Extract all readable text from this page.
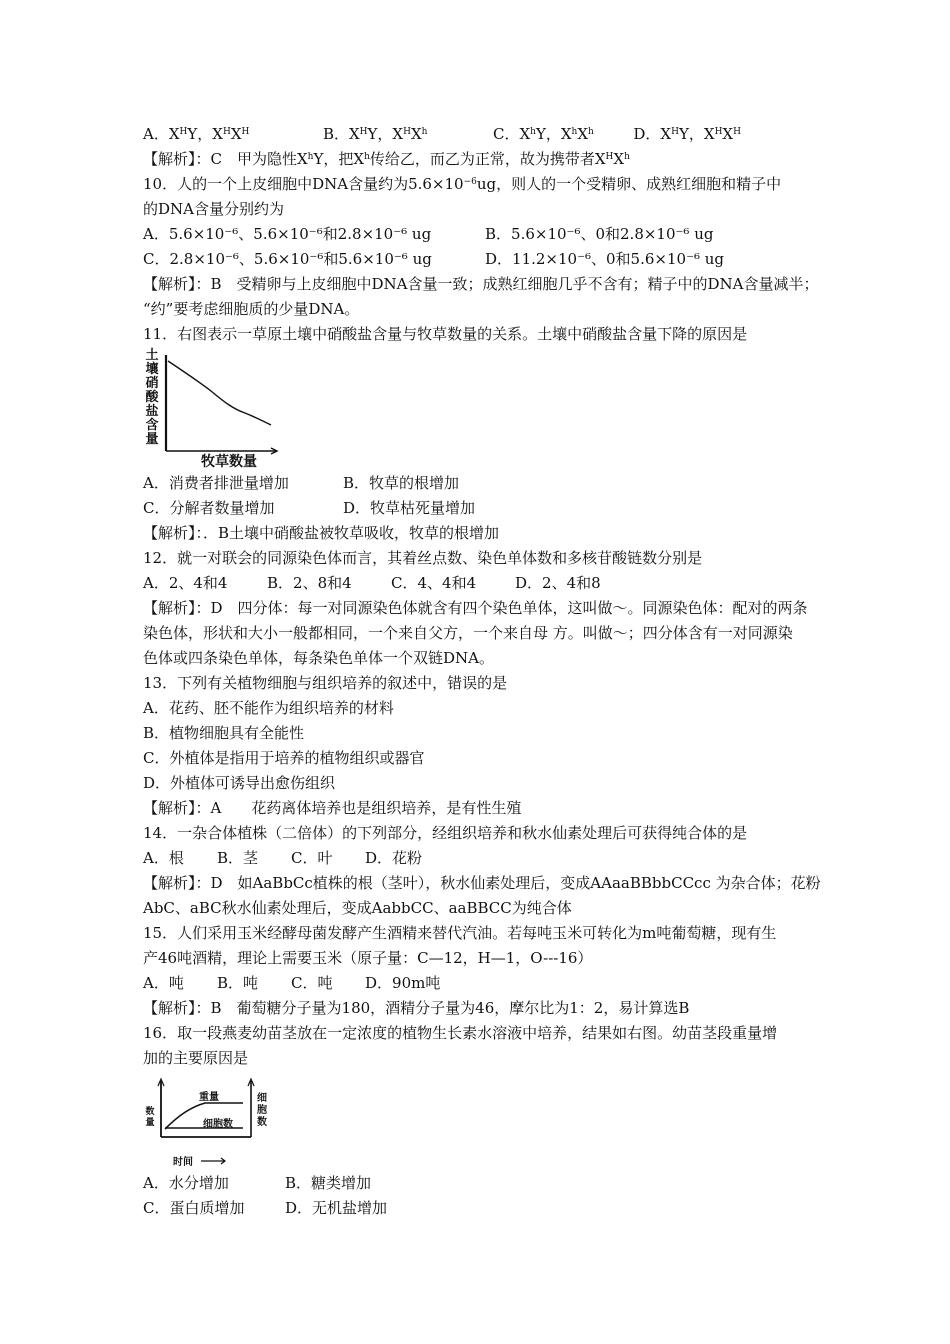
A．$X^HY$，$X^HX^H$	B．$X^HY$，$X^HX^h$	C．$X^hY$，$X^hX^h$	D．$X^HY$，$X^HX^H$
【解析】：C　甲为隐性$X^hY$，把$X^h$传给乙，而乙为正常，故为携带者$X^HX^h$
10．人的一个上皮细胞中DNA含量约为$5.6\times 10^{-6}ug$，则人的一个受精卵、成熟红细胞和精子中
的DNA含量分别约为
A．5.6×10⁻⁶、5.6×10⁻⁶和2.8×10⁻⁶ ug	B．5.6×10⁻⁶、0和2.8×10⁻⁶ ug
C．2.8×10⁻⁶、5.6×10⁻⁶和5.6×10⁻⁶ ug	D．11.2×10⁻⁶、0和5.6×10⁻⁶ ug
【解析】：B　受精卵与上皮细胞中DNA含量一致；成熟红细胞几乎不含有；精子中的DNA含量减半；
“约”要考虑细胞质的少量DNA。
11．右图表示一草原土壤中硝酸盐含量与牧草数量的关系。土壤中硝酸盐含量下降的原因是
土
壤
硝
酸
盐
含
量
牧草数量
A．消费者排泄量增加	B．牧草的根增加
C．分解者数量增加	D．牧草枯死量增加
【解析】：．B土壤中硝酸盐被牧草吸收，牧草的根增加
12．就一对联会的同源染色体而言，其着丝点数、染色单体数和多核苷酸链数分别是
A．2、4和4	B．2、8和4	C．4、4和4	D．2、4和8
【解析】：D　四分体：每一对同源染色体就含有四个染色单体，这叫做～。同源染色体：配对的两条
染色体，形状和大小一般都相同，一个来自父方，一个来自母 方。叫做～；四分体含有一对同源染
色体或四条染色单体，每条染色单体一个双链DNA。
13．下列有关植物细胞与组织培养的叙述中，错误的是
A．花药、胚不能作为组织培养的材料
B．植物细胞具有全能性
C．外植体是指用于培养的植物组织或器官
D．外植体可诱导出愈伤组织
【解析】：A　　花药离体培养也是组织培养，是有性生殖
14．一杂合体植株（二倍体）的下列部分，经组织培养和秋水仙素处理后可获得纯合体的是
A．根 B．茎 C．叶 D．花粉
【解析】：D　如AaBbCc植株的根（茎叶），秋水仙素处理后，变成AAaaBBbbCCcc 为杂合体；花粉
AbC、aBC秋水仙素处理后，变成AabbCC、aaBBCC为纯合体
15．人们采用玉米经酵母菌发酵产生酒精来替代汽油。若每吨玉米可转化为m吨葡萄糖，现有生
产46吨酒精，理论上需要玉米（原子量：C—12，H—1，O---16）
A．吨 B．吨 C．吨 D．90m吨
【解析】：B　葡萄糖分子量为180，酒精分子量为46，摩尔比为1：2，易计算选B
16．取一段燕麦幼苗茎放在一定浓度的植物生长素水溶液中培养，结果如右图。幼苗茎段重量增
加的主要原因是
数
量
细
胞
数
重量
细胞数
时间
A．水分增加	B．糖类增加
C．蛋白质增加	D．无机盐增加
